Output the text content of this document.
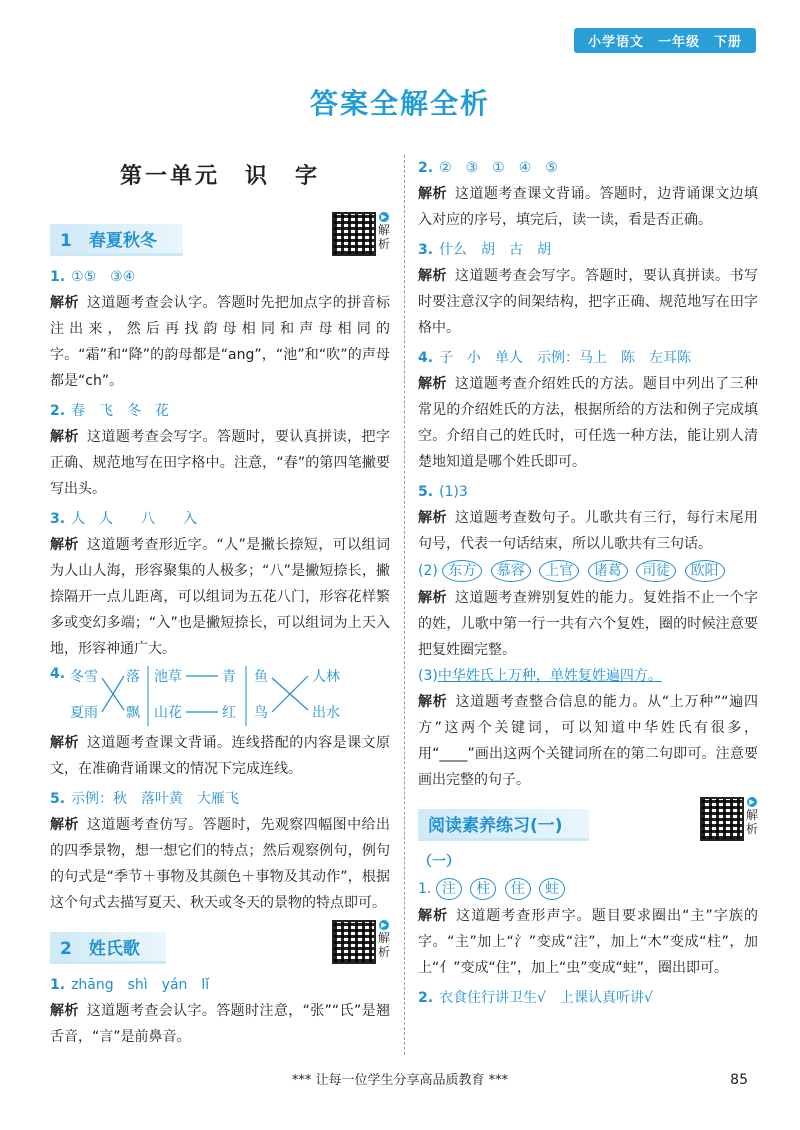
小学语文　一年级　下册
答案全解全析
第一单元　识　字
1　春夏秋冬
▶
解
析
1. ①⑤　③④
解析 这道题考查会认字。答题时先把加点字的拼音标注出来，然后再找韵母相同和声母相同的字。“霜”和“降”的韵母都是“ang”，“池”和“吹”的声母都是“ch”。
2. 春　飞　冬　花
解析 这道题考查会写字。答题时，要认真拼读，把字正确、规范地写在田字格中。注意，“春”的第四笔撇要写出头。
3. 人　人　　八　　入
解析 这道题考查形近字。“人”是撇长捺短，可以组词为人山人海，形容聚集的人极多；“八”是撇短捺长，撇捺隔开一点儿距离，可以组词为五花八门，形容花样繁多或变幻多端；“入”也是撇短捺长，可以组词为上天入地，形容神通广大。
4. 冬雪 落 池草	青 鱼	人林
夏雨 飘 山花	红 鸟	出水
解析 这道题考查课文背诵。连线搭配的内容是课文原文，在准确背诵课文的情况下完成连线。
5. 示例：秋　落叶黄　大雁飞
解析 这道题考查仿写。答题时，先观察四幅图中给出的四季景物，想一想它们的特点；然后观察例句，例句的句式是“季节＋事物及其颜色＋事物及其动作”，根据这个句式去描写夏天、秋天或冬天的景物的特点即可。
2　姓氏歌
▶
解
析
1. zhāng　shì　yán　lǐ
解析 这道题考查会认字。答题时注意，“张”“氏”是翘舌音，“言”是前鼻音。
2. ②　③　①　④　⑤
解析 这道题考查课文背诵。答题时，边背诵课文边填入对应的序号，填完后，读一读，看是否正确。
3. 什么　胡　古　胡
解析 这道题考查会写字。答题时，要认真拼读。书写时要注意汉字的间架结构，把字正确、规范地写在田字格中。
4. 子　小　单人　示例：马上　陈　左耳陈
解析 这道题考查介绍姓氏的方法。题目中列出了三种常见的介绍姓氏的方法，根据所给的方法和例子完成填空。介绍自己的姓氏时，可任选一种方法，能让别人清楚地知道是哪个姓氏即可。
5. (1)3
解析 这道题考查数句子。儿歌共有三行，每行末尾用句号，代表一句话结束，所以儿歌共有三句话。
(2) 东方 慕容 上官 诸葛 司徒 欧阳
解析 这道题考查辨别复姓的能力。复姓指不止一个字的姓，儿歌中第一行一共有六个复姓，圈的时候注意要把复姓圈完整。
(3)中华姓氏上万种，单姓复姓遍四方。
解析 这道题考查整合信息的能力。从“上万种”“遍四方”这两个关键词，可以知道中华姓氏有很多，用“____”画出这两个关键词所在的第二句即可。注意要画出完整的句子。
阅读素养练习(一)
▶
解
析
（一）
1. 注 柱 住 蛀
解析 这道题考查形声字。题目要求圈出“主”字族的字。“主”加上“氵”变成“注”，加上“木”变成“柱”，加上“亻”变成“住”，加上“虫”变成“蛀”，圈出即可。
2. 衣食住行讲卫生√　上课认真听讲√
*** 让每一位学生分享高品质教育 ***	85
